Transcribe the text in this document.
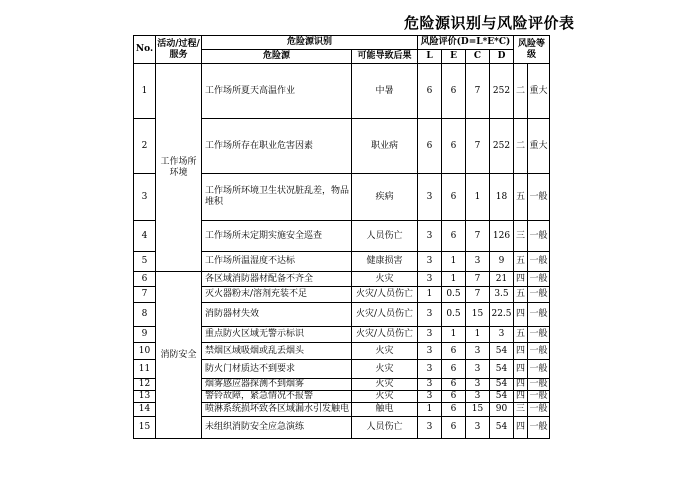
危险源识别与风险评价表
No.	活动/过程/服务	危险源识别		风险评价(D=L*E*C)				风险等级	
		危险源	可能导致后果	L	E	C	D		
1	工作场所环境	工作场所夏天高温作业	中暑	6	6	7	252	二	重大
2		工作场所存在职业危害因素	职业病	6	6	7	252	二	重大
3		工作场所环境卫生状况脏乱差，物品堆积	疾病	3	6	1	18	五	一般
4		工作场所未定期实施安全巡查	人员伤亡	3	6	7	126	三	一般
5		工作场所温湿度不达标	健康损害	3	1	3	9	五	一般
6	消防安全	各区域消防器材配备不齐全	火灾	3	1	7	21	四	一般
7		灭火器粉末/溶剂充装不足	火灾/人员伤亡	1	0.5	7	3.5	五	一般
8		消防器材失效	火灾/人员伤亡	3	0.5	15	22.5	四	一般
9		重点防火区域无警示标识	火灾/人员伤亡	3	1	1	3	五	一般
10		禁烟区域吸烟或乱丢烟头	火灾	3	6	3	54	四	一般
11		防火门材质达不到要求	火灾	3	6	3	54	四	一般
12		烟雾感应器探测不到烟雾	火灾	3	6	3	54	四	一般
13		警铃故障，紧急情况不报警	火灾	3	6	3	54	四	一般
14		喷淋系统损坏致各区域漏水引发触电	触电	1	6	15	90	三	一般
15		未组织消防安全应急演练	人员伤亡	3	6	3	54	四	一般
